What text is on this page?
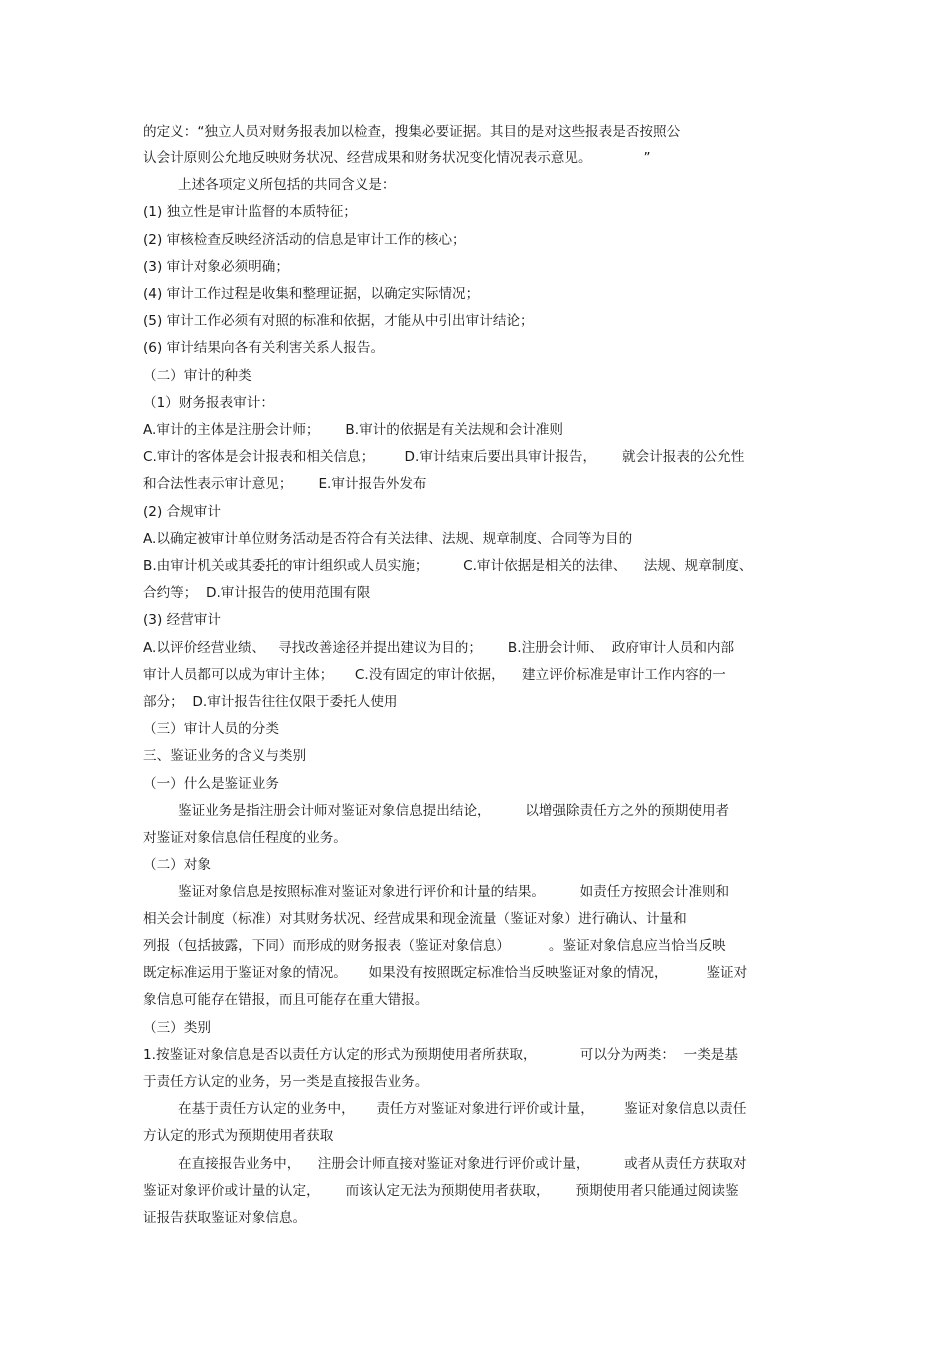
的定义：“独立人员对财务报表加以检查，搜集必要证据。其目的是对这些报表是否按照公
认会计原则公允地反映财务状况、经营成果和财务状况变化情况表示意见。            ”
上述各项定义所包括的共同含义是：
(1) 独立性是审计监督的本质特征；
(2) 审核检查反映经济活动的信息是审计工作的核心；
(3) 审计对象必须明确；
(4) 审计工作过程是收集和整理证据，以确定实际情况；
(5) 审计工作必须有对照的标准和依据，才能从中引出审计结论；
(6) 审计结果向各有关利害关系人报告。
（二）审计的种类
（1）财务报表审计：
A.审计的主体是注册会计师；      B.审计的依据是有关法规和会计准则
C.审计的客体是会计报表和相关信息；       D.审计结束后要出具审计报告，      就会计报表的公允性
和合法性表示审计意见；      E.审计报告外发布
(2) 合规审计
A.以确定被审计单位财务活动是否符合有关法律、法规、规章制度、合同等为目的
B.由审计机关或其委托的审计组织或人员实施；        C.审计依据是相关的法律、    法规、规章制度、
合约等；  D.审计报告的使用范围有限
(3) 经营审计
A.以评价经营业绩、   寻找改善途径并提出建议为目的；      B.注册会计师、  政府审计人员和内部
审计人员都可以成为审计主体；     C.没有固定的审计依据，    建立评价标准是审计工作内容的一
部分；  D.审计报告往往仅限于委托人使用
（三）审计人员的分类
三、鉴证业务的含义与类别
（一）什么是鉴证业务
鉴证业务是指注册会计师对鉴证对象信息提出结论，        以增强除责任方之外的预期使用者
对鉴证对象信息信任程度的业务。
（二）对象
鉴证对象信息是按照标准对鉴证对象进行评价和计量的结果。        如责任方按照会计准则和
相关会计制度（标准）对其财务状况、经营成果和现金流量（鉴证对象）进行确认、计量和
列报（包括披露，下同）而形成的财务报表（鉴证对象信息）         。鉴证对象信息应当恰当反映
既定标准运用于鉴证对象的情况。     如果没有按照既定标准恰当反映鉴证对象的情况，         鉴证对
象信息可能存在错报，而且可能存在重大错报。
（三）类别
1.按鉴证对象信息是否以责任方认定的形式为预期使用者所获取，          可以分为两类：  一类是基
于责任方认定的业务，另一类是直接报告业务。
在基于责任方认定的业务中，     责任方对鉴证对象进行评价或计量，       鉴证对象信息以责任
方认定的形式为预期使用者获取
在直接报告业务中，    注册会计师直接对鉴证对象进行评价或计量，        或者从责任方获取对
鉴证对象评价或计量的认定，      而该认定无法为预期使用者获取，      预期使用者只能通过阅读鉴
证报告获取鉴证对象信息。
